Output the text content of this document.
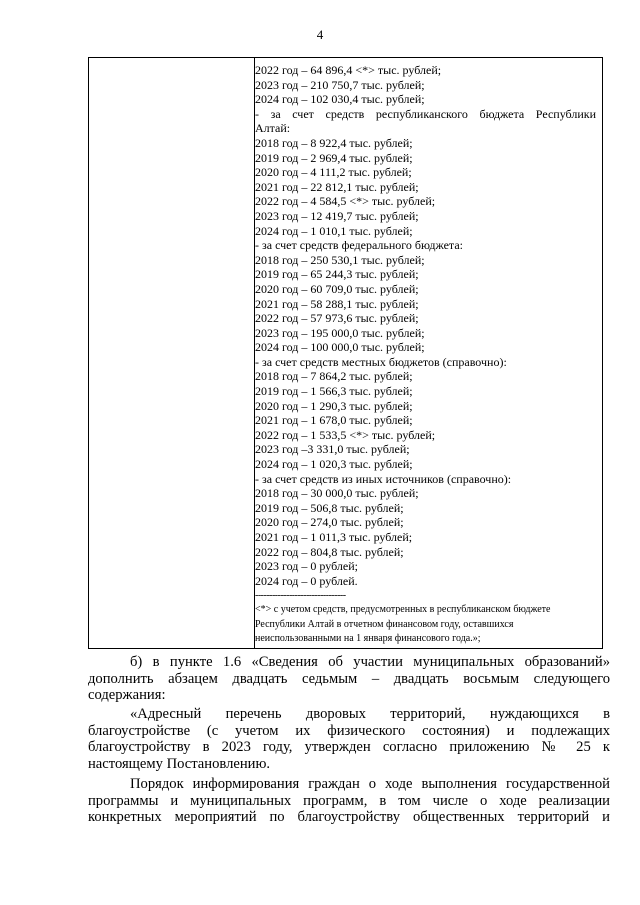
4
2022 год – 64 896,4 <*> тыс. рублей;
2023 год – 210 750,7 тыс. рублей;
2024 год – 102 030,4 тыс. рублей;
- за счет средств республиканского бюджета Республики
Алтай:
2018 год – 8 922,4 тыс. рублей;
2019 год – 2 969,4 тыс. рублей;
2020 год – 4 111,2 тыс. рублей;
2021 год – 22 812,1 тыс. рублей;
2022 год – 4 584,5 <*> тыс. рублей;
2023 год – 12 419,7 тыс. рублей;
2024 год – 1 010,1 тыс. рублей;
- за счет средств федерального бюджета:
2018 год – 250 530,1 тыс. рублей;
2019 год – 65 244,3 тыс. рублей;
2020 год – 60 709,0 тыс. рублей;
2021 год – 58 288,1 тыс. рублей;
2022 год – 57 973,6 тыс. рублей;
2023 год – 195 000,0 тыс. рублей;
2024 год – 100 000,0 тыс. рублей;
- за счет средств местных бюджетов (справочно):
2018 год – 7 864,2 тыс. рублей;
2019 год – 1 566,3 тыс. рублей;
2020 год – 1 290,3 тыс. рублей;
2021 год – 1 678,0 тыс. рублей;
2022 год – 1 533,5 <*> тыс. рублей;
2023 год –3 331,0 тыс. рублей;
2024 год – 1 020,3 тыс. рублей;
- за счет средств из иных источников (справочно):
2018 год – 30 000,0 тыс. рублей;
2019 год – 506,8 тыс. рублей;
2020 год – 274,0 тыс. рублей;
2021 год – 1 011,3 тыс. рублей;
2022 год – 804,8 тыс. рублей;
2023 год – 0 рублей;
2024 год – 0 рублей.
--------------------------------
<*> с учетом средств, предусмотренных в республиканском бюджете
Республики Алтай в отчетном финансовом году, оставшихся
неиспользованными на 1 января финансового года.»;
б) в пункте 1.6 «Сведения об участии муниципальных образований»
дополнить абзацем двадцать седьмым – двадцать восьмым следующего
содержания:
«Адресный перечень дворовых территорий, нуждающихся в
благоустройстве (с учетом их физического состояния) и подлежащих
благоустройству в 2023 году, утвержден согласно приложению № 25 к
настоящему Постановлению.
Порядок информирования граждан о ходе выполнения государственной
программы и муниципальных программ, в том числе о ходе реализации
конкретных мероприятий по благоустройству общественных территорий и
